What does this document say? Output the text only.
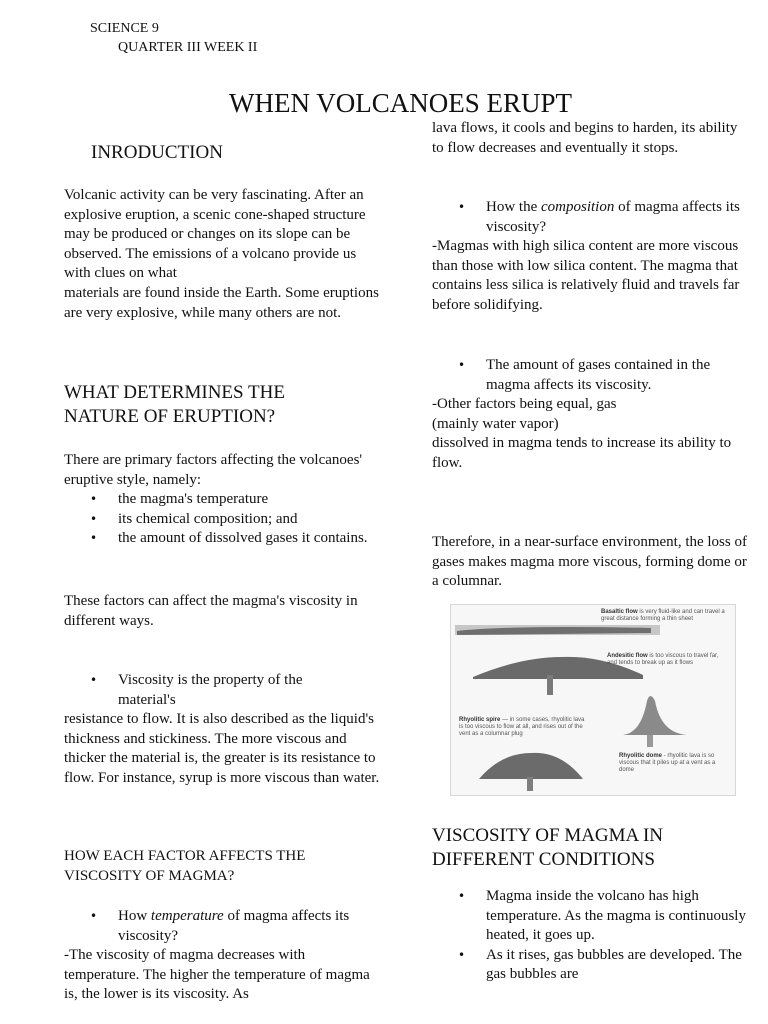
SCIENCE 9
QUARTER III WEEK II
WHEN VOLCANOES ERUPT
INRODUCTION

Volcanic activity can be very fascinating. After an explosive eruption, a scenic cone-shaped structure may be produced or changes on its slope can be observed. The emissions of a volcano provide us with clues on what

materials are found inside the Earth. Some eruptions are very explosive, while many others are not.

WHAT DETERMINES THE
NATURE OF ERUPTION?

There are primary factors affecting the volcanoes' eruptive style, namely:

• the magma's temperature
• its chemical composition; and
• the amount of dissolved gases it contains.

These factors can affect the magma's viscosity in

different ways.

• Viscosity is the property of the material's

resistance to flow. It is also described as the liquid's thickness and stickiness. The more viscous and thicker the material is, the greater is its resistance to flow. For instance, syrup is more viscous than water.

HOW EACH FACTOR AFFECTS THE
VISCOSITY OF MAGMA?
• How temperature of magma affects its viscosity?

-The viscosity of magma decreases with temperature. The higher the temperature of magma is, the lower is its viscosity. As

lava flows, it cools and begins to harden, its ability to flow decreases and eventually it stops.

• How the composition of magma affects its viscosity?

-Magmas with high silica content are more viscous than those with low silica content. The magma that contains less silica is relatively fluid and travels far before solidifying.

• The amount of gases contained in the magma affects its viscosity.

-Other factors being equal, gas (mainly water vapor)

dissolved in magma tends to increase its ability to flow.

Therefore, in a near-surface environment, the loss of gases makes magma more viscous, forming dome or a columnar.

Basaltic flow is very fluid-like and can travel a great distance forming a thin sheet
Andesitic flow is too viscous to travel far, and tends to break up as it flows
Rhyolitic spire — in some cases, rhyolitic lava is too viscous to flow at all, and rises out of the vent as a columnar plug
Rhyolitic dome - rhyolitic lava is so viscous that it piles up at a vent as a dome
VISCOSITY OF MAGMA IN
DIFFERENT CONDITIONS
• Magma inside the volcano has high temperature. As the magma is continuously heated, it goes up.
• As it rises, gas bubbles are developed. The gas bubbles are
